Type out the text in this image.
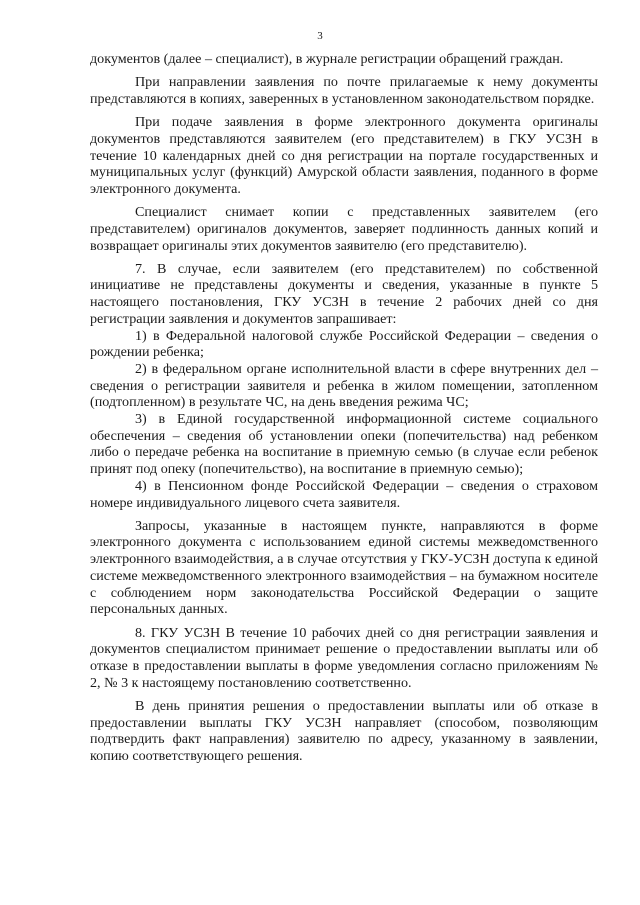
3

документов (далее – специалист), в журнале регистрации обращений граждан.

При направлении заявления по почте прилагаемые к нему документы представляются в копиях, заверенных в установленном законодательством порядке.

При подаче заявления в форме электронного документа оригиналы документов представляются заявителем (его представителем) в ГКУ УСЗН в течение 10 календарных дней со дня регистрации на портале государственных и муниципальных услуг (функций) Амурской области заявления, поданного в форме электронного документа.

Специалист снимает копии с представленных заявителем (его представителем) оригиналов документов, заверяет подлинность данных копий и возвращает оригиналы этих документов заявителю (его представителю).

7. В случае, если заявителем (его представителем) по собственной инициативе не представлены документы и сведения, указанные в пункте 5 настоящего постановления, ГКУ УСЗН в течение 2 рабочих дней со дня регистрации заявления и документов запрашивает:

1) в Федеральной налоговой службе Российской Федерации – сведения о рождении ребенка;

2) в федеральном органе исполнительной власти в сфере внутренних дел – сведения о регистрации заявителя и ребенка в жилом помещении, затопленном (подтопленном) в результате ЧС, на день введения режима ЧС;

3) в Единой государственной информационной системе социального обеспечения – сведения об установлении опеки (попечительства) над ребенком либо о передаче ребенка на воспитание в приемную семью (в случае если ребенок принят под опеку (попечительство), на воспитание в приемную семью);

4) в Пенсионном фонде Российской Федерации – сведения о страховом номере индивидуального лицевого счета заявителя.

Запросы, указанные в настоящем пункте, направляются в форме электронного документа с использованием единой системы межведомственного электронного взаимодействия, а в случае отсутствия у ГКУ-УСЗН доступа к единой системе межведомственного электронного взаимодействия – на бумажном носителе с соблюдением норм законодательства Российской Федерации о защите персональных данных.

8. ГКУ УСЗН В течение 10 рабочих дней со дня регистрации заявления и документов специалистом принимает решение о предоставлении выплаты или об отказе в предоставлении выплаты в форме уведомления согласно приложениям № 2, № 3 к настоящему постановлению соответственно.

В день принятия решения о предоставлении выплаты или об отказе в предоставлении выплаты ГКУ УСЗН направляет (способом, позволяющим подтвердить факт направления) заявителю по адресу, указанному в заявлении, копию соответствующего решения.
